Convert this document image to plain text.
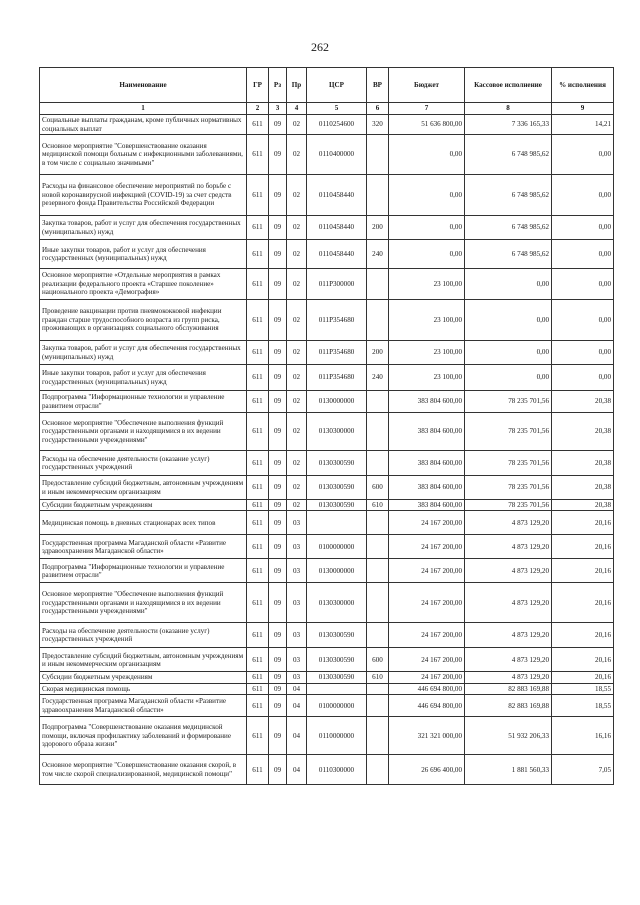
262
Наименование	ГР	Рз	Пр	ЦСР	ВР	Бюджет	Кассовое исполнение	% исполнения
1	2	3	4	5	6	7	8	9
Социальные выплаты гражданам, кроме публичных нормативных социальных выплат	611	09	02	0110254600	320	51 636 800,00	7 336 165,33	14,21
Основное мероприятие "Совершенствование оказания медицинской помощи больным с инфекционными заболеваниями, в том числе с социально значимыми"	611	09	02	0110400000		0,00	6 748 985,62	0,00
Расходы на финансовое обеспечение мероприятий по борьбе с новой коронавирусной инфекцией (COVID-19) за счет средств резервного фонда Правительства Российской Федерации	611	09	02	0110458440		0,00	6 748 985,62	0,00
Закупка товаров, работ и услуг для обеспечения государственных (муниципальных) нужд	611	09	02	0110458440	200	0,00	6 748 985,62	0,00
Иные закупки товаров, работ и услуг для обеспечения государственных (муниципальных) нужд	611	09	02	0110458440	240	0,00	6 748 985,62	0,00
Основное мероприятие «Отдельные мероприятия в рамках реализации федерального проекта «Старшее поколение» национального проекта «Демография»	611	09	02	011P300000		23 100,00	0,00	0,00
Проведение вакцинации против пневмококковой инфекции граждан старше трудоспособного возраста из групп риска, проживающих в организациях социального обслуживания	611	09	02	011P354680		23 100,00	0,00	0,00
Закупка товаров, работ и услуг для обеспечения государственных (муниципальных) нужд	611	09	02	011P354680	200	23 100,00	0,00	0,00
Иные закупки товаров, работ и услуг для обеспечения государственных (муниципальных) нужд	611	09	02	011P354680	240	23 100,00	0,00	0,00
Подпрограмма "Информационные технологии и управление развитием отрасли"	611	09	02	0130000000		383 804 600,00	78 235 701,56	20,38
Основное мероприятие "Обеспечение выполнения функций государственными органами и находящимися в их ведении государственными учреждениями"	611	09	02	0130300000		383 804 600,00	78 235 701,56	20,38
Расходы на обеспечение деятельности (оказание услуг) государственных учреждений	611	09	02	0130300590		383 804 600,00	78 235 701,56	20,38
Предоставление субсидий бюджетным, автономным учреждениям и иным некоммерческим организациям	611	09	02	0130300590	600	383 804 600,00	78 235 701,56	20,38
Субсидии бюджетным учреждениям	611	09	02	0130300590	610	383 804 600,00	78 235 701,56	20,38
Медицинская помощь в дневных стационарах всех типов	611	09	03			24 167 200,00	4 873 129,20	20,16
Государственная программа Магаданской области «Развитие здравоохранения Магаданской области»	611	09	03	0100000000		24 167 200,00	4 873 129,20	20,16
Подпрограмма "Информационные технологии и управление развитием отрасли"	611	09	03	0130000000		24 167 200,00	4 873 129,20	20,16
Основное мероприятие "Обеспечение выполнения функций государственными органами и находящимися в их ведении государственными учреждениями"	611	09	03	0130300000		24 167 200,00	4 873 129,20	20,16
Расходы на обеспечение деятельности (оказание услуг) государственных учреждений	611	09	03	0130300590		24 167 200,00	4 873 129,20	20,16
Предоставление субсидий бюджетным, автономным учреждениям и иным некоммерческим организациям	611	09	03	0130300590	600	24 167 200,00	4 873 129,20	20,16
Субсидии бюджетным учреждениям	611	09	03	0130300590	610	24 167 200,00	4 873 129,20	20,16
Скорая медицинская помощь	611	09	04			446 694 800,00	82 883 169,88	18,55
Государственная программа Магаданской области «Развитие здравоохранения Магаданской области»	611	09	04	0100000000		446 694 800,00	82 883 169,88	18,55
Подпрограмма "Совершенствование оказания медицинской помощи, включая профилактику заболеваний и формирование здорового образа жизни"	611	09	04	0110000000		321 321 000,00	51 932 206,33	16,16
Основное мероприятие "Совершенствование оказания скорой, в том числе скорой специализированной, медицинской помощи"	611	09	04	0110300000		26 696 400,00	1 881 560,33	7,05
